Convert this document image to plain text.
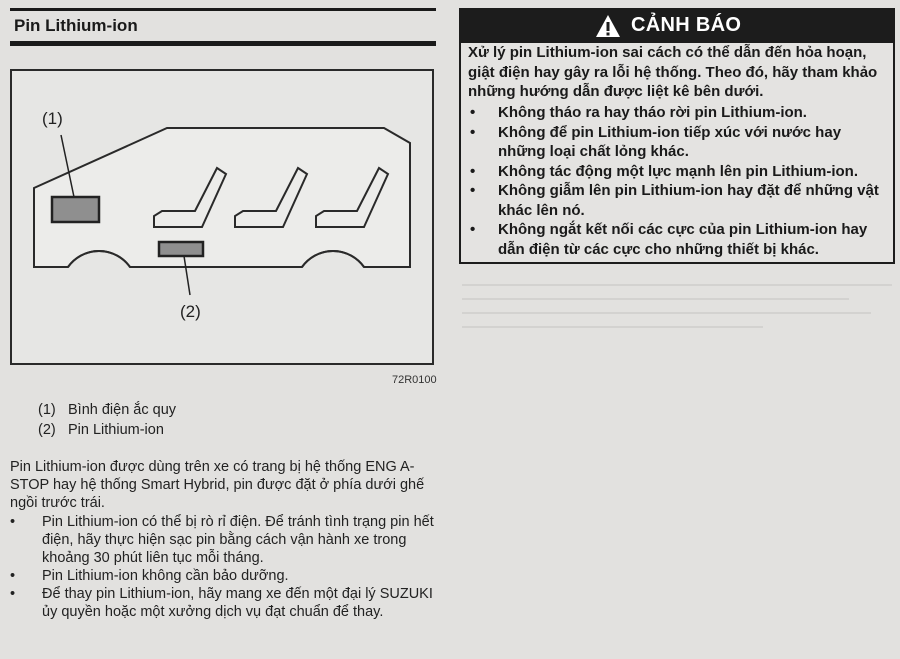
Pin Lithium-ion
(1)
(2)
72R0100
(1) Bình điện ắc quy
(2) Pin Lithium-ion
Pin Lithium-ion được dùng trên xe có trang bị hệ thống ENG A-STOP hay hệ thống Smart Hybrid, pin được đặt ở phía dưới ghế ngồi trước trái.
• Pin Lithium-ion có thể bị rò rỉ điện. Để tránh tình trạng pin hết điện, hãy thực hiện sạc pin bằng cách vận hành xe trong khoảng 30 phút liên tục mỗi tháng.
• Pin Lithium-ion không cần bảo dưỡng.
• Để thay pin Lithium-ion, hãy mang xe đến một đại lý SUZUKI ủy quyền hoặc một xưởng dịch vụ đạt chuẩn để thay.
CẢNH BÁO
Xử lý pin Lithium-ion sai cách có thể dẫn đến hỏa hoạn, giật điện hay gây ra lỗi hệ thống. Theo đó, hãy tham khảo những hướng dẫn được liệt kê bên dưới.
• Không tháo ra hay tháo rời pin Lithium-ion.
• Không để pin Lithium-ion tiếp xúc với nước hay những loại chất lỏng khác.
• Không tác động một lực mạnh lên pin Lithium-ion.
• Không giẫm lên pin Lithium-ion hay đặt để những vật khác lên nó.
• Không ngắt kết nối các cực của pin Lithium-ion hay dẫn điện từ các cực cho những thiết bị khác.
